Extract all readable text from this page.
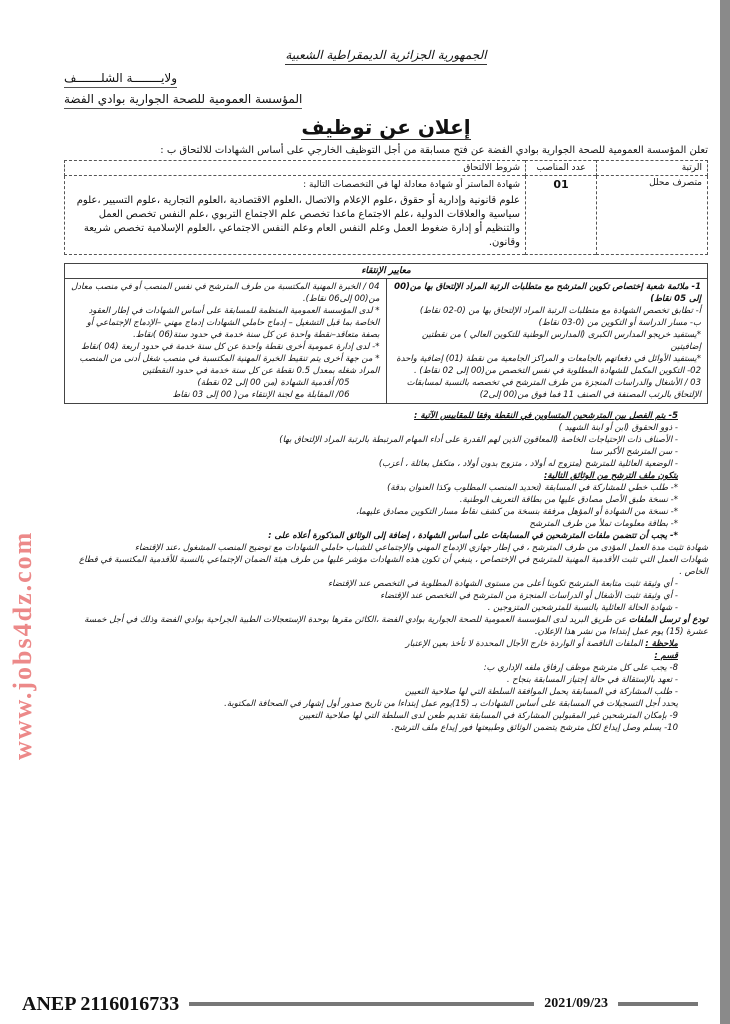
www.jobs4dz.com
الجمهورية الجزائرية الديمقراطية الشعبية
ولايــــــــة الشلـــــــف
المؤسسة العمومية للصحة الجوارية بوادي الفضة
إعلان عن توظيف
تعلن المؤسسة العمومية للصحة الجوارية بوادي الفضة عن فتح مسابقة من أجل التوظيف الخارجي على أساس الشهادات للالتحاق ب :
الرتبة	عدد المناصب	شروط الالتحاق
متصرف محلل	01	شهادة الماستر أو شهادة معادلة لها في التخصصات التالية :

علوم قانونية وإدارية أو حقوق ،علوم الإعلام والاتصال ،العلوم الاقتصادية ،العلوم التجارية ،علوم التسيير ،علوم سياسية والعلاقات الدولية ،علم الاجتماع ماعدا تخصص علم الاجتماع التربوي ،علم النفس تخصص العمل والتنظيم أو إدارة ضغوط العمل وعلم النفس العام وعلم النفس الاجتماعي ،العلوم الإسلامية تخصص شريعة وقانون.

معايير الإنتقاء

1- ملائمة شعبة إختصاص تكوين المترشح مع متطلبات الرتبة المراد الإلتحاق بها من(00 إلى 05 نقاط)

أ- تطابق تخصص الشهادة مع متطلبات الرتبة المراد الإلتحاق بها من (0-02 نقاط)

ب- مسار الدراسة أو التكوين من (0-03 نقاط)

*يستفيد خريجو المدارس الكبرى (المدارس الوطنية للتكوين العالي ) من نقطتين إضافيتين

*يستفيد الأوائل في دفعاتهم بالجامعات و المراكز الجامعية من نقطة (01) إضافية واحدة

02- التكوين المكمل للشهادة المطلوبة في نفس التخصص من(00 إلى 02 نقاط) .

03 / الأشغال والدراسات المنجزة من طرف المترشح في تخصصه بالنسبة لمسابقات

الإلتحاق بالرتب المصنفة في الصنف 11 فما فوق من(00 إلى2)

04 / الخبرة المهنية المكتسبة من طرف المترشح في نفس المنصب أو في منصب معادل من(00 إلى06 نقاط).

* لدى المؤسسة العمومية المنظمة للمسابقة على أساس الشهادات في إطار العقود الخاصة بما قبل التشغيل – إدماج حاملي الشهادات إدماج مهني –الإدماج الإجتماعي أو بصفة متعاقد–نقطة واحدة عن كل سنة خدمة في حدود ستة(06 )نقاط.

*- لدى إدارة عمومية أخرى نقطة واحدة عن كل سنة خدمة في حدود اربعة (04 )نقاط

* من جهة أخرى يتم تنقيط الخبرة المهنية المكتسبة في منصب شغل أدنى من المنصب المراد شغله بمعدل 0.5 نقطة عن كل سنة خدمة في حدود النقطتين

05/ أقدمية الشهادة (من 00 إلى 02 نقطة)

06/ المقابلة مع لجنة الإنتقاء من( 00 إلى 03 نقاط

5- يتم الفصل بين المترشحين المتساوين في النقطة وفقا للمقاييس الآتية :

- ذوو الحقوق (ابن أو ابنة الشهيد )

- الأصناف ذات الإحتياجات الخاصة (المعاقون الذين لهم القدرة على أداء المهام المرتبطة بالرتبة المراد الإلتحاق بها)

- سن المترشح الأكبر سنا

- الوضعية العائلية للمترشح (متزوج له أولاد ، متزوج بدون أولاد ، متكفل بعائلة ، أعزب)

يتكون ملف الترشح من الوثائق التالية:

*- طلب خطي للمشاركة في المسابقة (تحديد المنصب المطلوب وكذا العنوان بدقة)

*- نسخة طبق الأصل مصادق عليها من بطاقة التعريف الوطنية.

*- نسخة من الشهادة أو المؤهل مرفقة بنسخة من كشف نقاط مسار التكوين مصادق عليهما،

*- بطاقة معلومات تملأ من طرف المترشح

*- يجب أن تتضمن ملفات المترشحين في المسابقات على أساس الشهادة ، إضافة إلى الوثائق المذكورة أعلاه على :

شهادة تثبت مدة العمل المؤدى من طرف المترشح ، في إطار جهازي الإدماج المهني والإجتماعي للشباب حاملي الشهادات مع توضيح المنصب المشغول ،عند الإقتضاء

شهادات العمل التي تثبت الأقدمية المهنية للمترشح في الإختصاص ، ينبغي أن تكون هذه الشهادات مؤشر عليها من طرف هيئة الضمان الإجتماعي بالنسبة للأقدمية المكتسبة في قطاع الخاص .

- أي وثيقة تثبت متابعة المترشح تكوينا أعلى من مستوى الشهادة المطلوبة في التخصص عند الإقتضاء

- أي وثيقة تثبت الأشغال أو الدراسات المنجزة من المترشح في التخصص عند الإقتضاء

- شهادة الحالة العائلية بالنسبة للمترشحين المتزوجين .

تودع أو ترسل الملفات عن طريق البريد لدى المؤسسة العمومية للصحة الجوارية بوادي الفضة ،الكائن مقرها بوحدة الإستعجالات الطبية الجراحية بوادي الفضة وذلك في أجل خمسة عشرة (15) يوم عمل إبتداءا من نشر هذا الإعلان.

ملاحظة : الملفات الناقصة أو الواردة خارج الأجال المحددة لا تأخذ بعين الإعتبار

قسم :

8- يجب على كل مترشح موظف إرفاق ملفه الإداري ب:

- تعهد بالإستقالة في حالة إجتياز المسابقة بنجاح .

- طلب المشاركة في المسابقة يحمل الموافقة السلطة التي لها صلاحية التعيين

يحدد أجل التسجيلات في المسابقة على أساس الشهادات بـ (15)يوم عمل إبتداءا من تاريخ صدور أول إشهار في الصحافة المكتوبة.

9- بإمكان المترشحين غير المقبولين المشاركة في المسابقة تقديم طعن لدى السلطة التي لها صلاحية التعيين

10- يسلم وصل إيداع لكل مترشح يتضمن الوثائق وطبيعتها فور إيداع ملف الترشح.

ANEP 2116016733	2021/09/23
